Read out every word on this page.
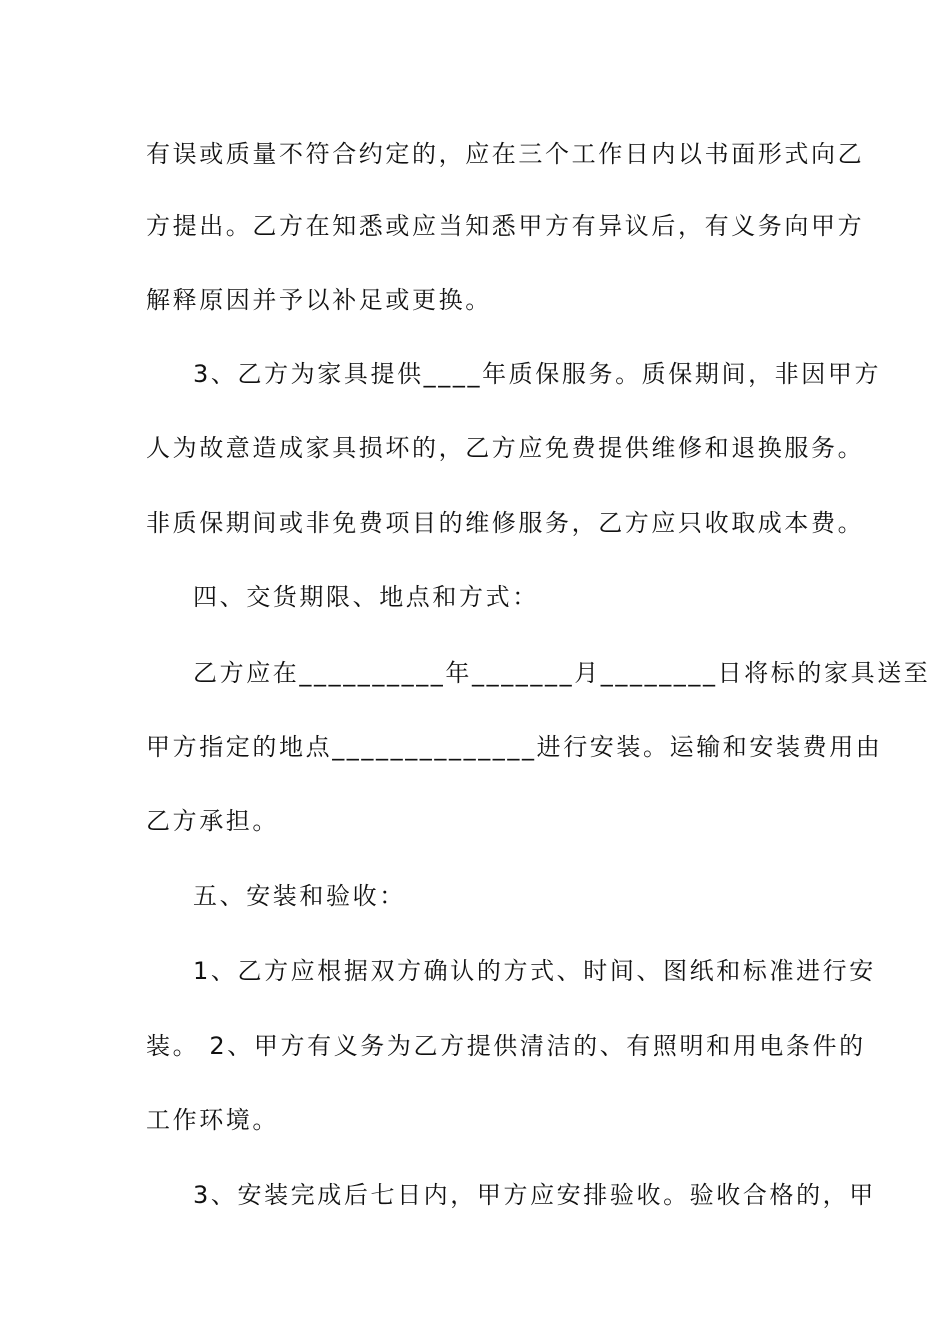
有误或质量不符合约定的，应在三个工作日内以书面形式向乙
方提出。乙方在知悉或应当知悉甲方有异议后，有义务向甲方
解释原因并予以补足或更换。
3、乙方为家具提供____年质保服务。质保期间，非因甲方
人为故意造成家具损坏的，乙方应免费提供维修和退换服务。
非质保期间或非免费项目的维修服务，乙方应只收取成本费。
四、交货期限、地点和方式：
乙方应在__________年_______月________日将标的家具送至
甲方指定的地点______________进行安装。运输和安装费用由
乙方承担。
五、安装和验收：
1、乙方应根据双方确认的方式、时间、图纸和标准进行安
装。 2、甲方有义务为乙方提供清洁的、有照明和用电条件的
工作环境。
3、安装完成后七日内，甲方应安排验收。验收合格的，甲
